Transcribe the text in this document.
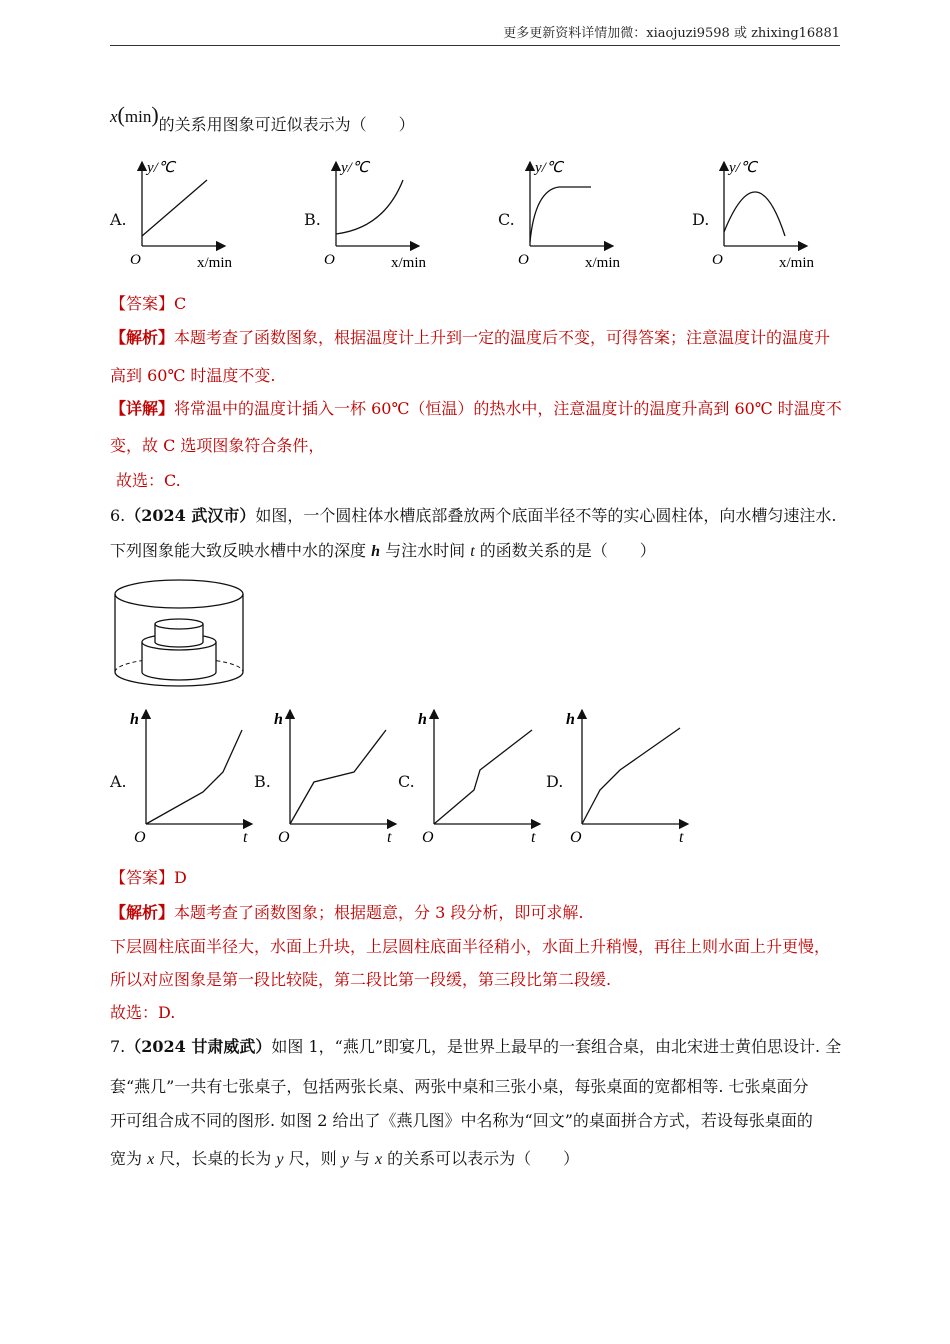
更多更新资料详情加微：xiaojuzi9598 或 zhixing16881
x(min)的关系用图象可近似表示为（　　）
A.	B.	C.	D.
y/℃
O	x/min
y/℃
O	x/min
y/℃
O	x/min
y/℃
O	x/min
【答案】C
【解析】本题考查了函数图象，根据温度计上升到一定的温度后不变，可得答案；注意温度计的温度升
高到 60℃ 时温度不变.
【详解】将常温中的温度计插入一杯 60℃（恒温）的热水中，注意温度计的温度升高到 60℃ 时温度不
变，故 C 选项图象符合条件，
故选：C.
6.（2024 武汉市）如图，一个圆柱体水槽底部叠放两个底面半径不等的实心圆柱体，向水槽匀速注水.
下列图象能大致反映水槽中水的深度 h 与注水时间 t 的函数关系的是（　　）
A.	B.	C.	D.
h
O	t
h
O	t
h
O	t
h
O	t
【答案】D
【解析】本题考查了函数图象；根据题意，分 3 段分析，即可求解.
下层圆柱底面半径大，水面上升块，上层圆柱底面半径稍小，水面上升稍慢，再往上则水面上升更慢，
所以对应图象是第一段比较陡，第二段比第一段缓，第三段比第二段缓.
故选：D.
7.（2024 甘肃威武）如图 1，“燕几”即宴几，是世界上最早的一套组合桌，由北宋进士黄伯思设计. 全
套“燕几”一共有七张桌子，包括两张长桌、两张中桌和三张小桌，每张桌面的宽都相等. 七张桌面分
开可组合成不同的图形. 如图 2 给出了《燕几图》中名称为“回文”的桌面拼合方式，若设每张桌面的
宽为 x 尺，长桌的长为 y 尺，则 y 与 x 的关系可以表示为（　　）
